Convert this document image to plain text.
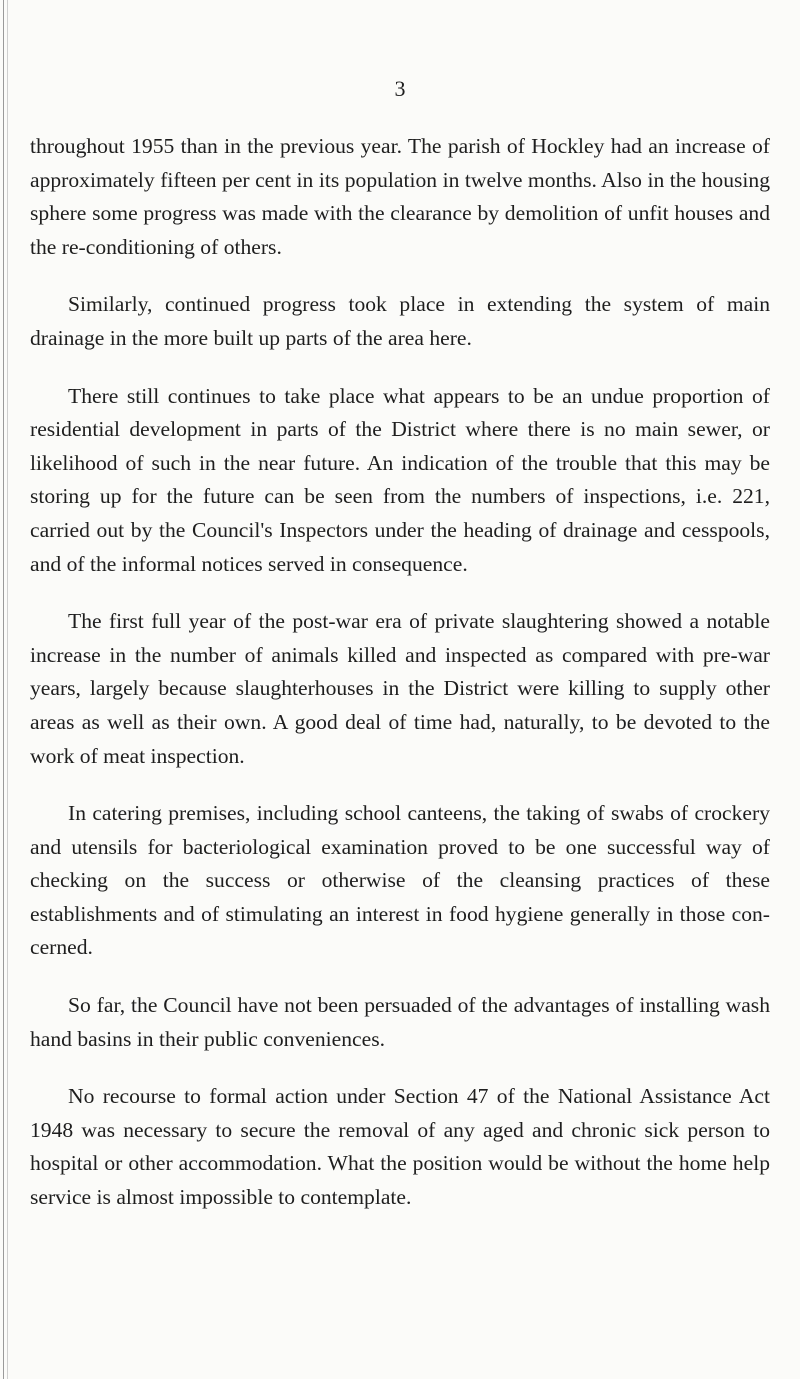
3

throughout 1955 than in the previous year. The parish of Hockley had an increase of approximately fifteen per cent in its population in twelve months. Also in the housing sphere some progress was made with the clearance by demolition of unfit houses and the re-conditioning of others.

Similarly, continued progress took place in extending the system of main drainage in the more built up parts of the area here.

There still continues to take place what appears to be an undue proportion of residential development in parts of the District where there is no main sewer, or likelihood of such in the near future. An indication of the trouble that this may be storing up for the future can be seen from the numbers of inspections, i.e. 221, carried out by the Council's Inspectors under the heading of drainage and cesspools, and of the informal notices served in consequence.

The first full year of the post-war era of private slaughtering showed a notable increase in the number of animals killed and inspected as compared with pre-war years, largely because slaughterhouses in the District were killing to supply other areas as well as their own. A good deal of time had, naturally, to be devoted to the work of meat inspection.

In catering premises, including school canteens, the taking of swabs of crockery and utensils for bacteriological examination proved to be one successful way of checking on the success or otherwise of the cleansing practices of these establishments and of stimulating an interest in food hygiene generally in those con- cerned.

So far, the Council have not been persuaded of the advantages of installing wash hand basins in their public conveniences.

No recourse to formal action under Section 47 of the National Assistance Act 1948 was necessary to secure the removal of any aged and chronic sick person to hospital or other accommodation. What the position would be without the home help service is almost impossible to contemplate.
